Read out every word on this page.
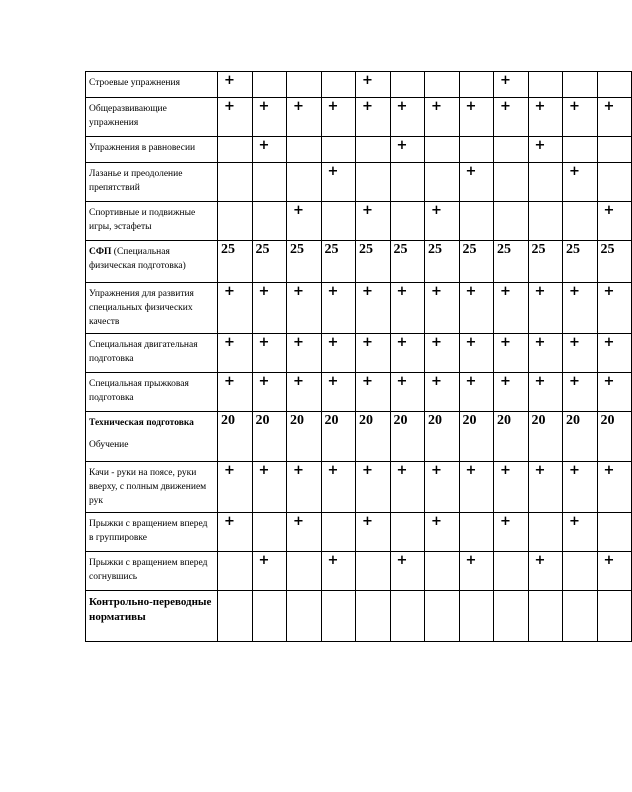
Строевые упражнения	+				+				+			
Общеразвивающие упражнения	+	+	+	+	+	+	+	+	+	+	+	+
Упражнения в равновесии		+				+				+		
Лазанье и преодоление препятствий				+				+			+	
Спортивные и подвижные игры, эстафеты			+		+		+					+
СФП (Специальная физическая подготовка)	25	25	25	25	25	25	25	25	25	25	25	25
Упражнения для развития специальных физических качеств	+	+	+	+	+	+	+	+	+	+	+	+
Специальная двигательная подготовка	+	+	+	+	+	+	+	+	+	+	+	+
Специальная прыжковая подготовка	+	+	+	+	+	+	+	+	+	+	+	+
Техническая подготовка
Обучение	20	20	20	20	20	20	20	20	20	20	20	20
Качи - руки на поясе, руки вверху, с полным движением рук	+	+	+	+	+	+	+	+	+	+	+	+
Прыжки с вращением вперед в группировке	+		+		+		+		+		+	
Прыжки с вращением вперед согнувшись		+		+		+		+		+		+
Контрольно-переводные нормативы												
